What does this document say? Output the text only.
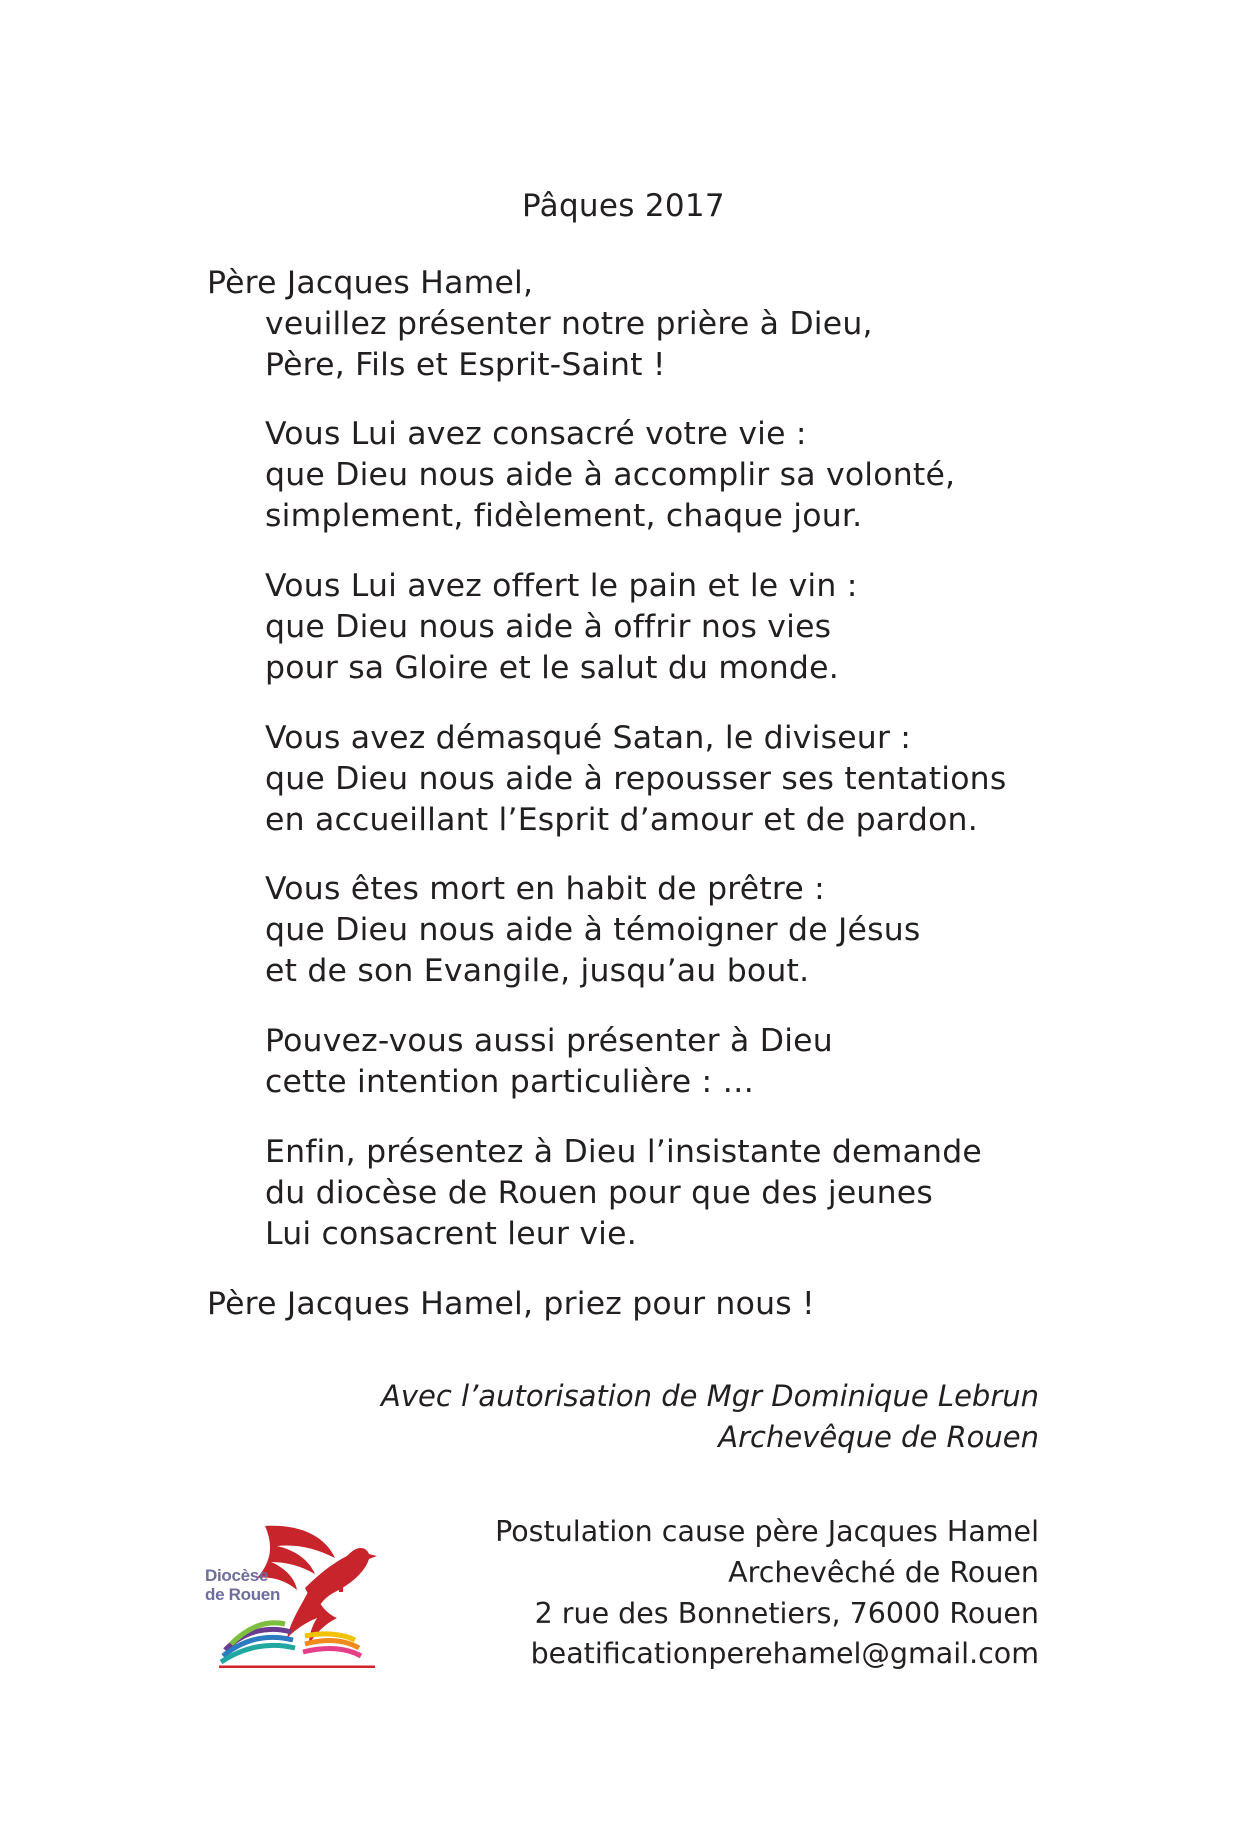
Pâques 2017
Père Jacques Hamel,
veuillez présenter notre prière à Dieu,
Père, Fils et Esprit-Saint !
Vous Lui avez consacré votre vie :
que Dieu nous aide à accomplir sa volonté,
simplement, fidèlement, chaque jour.
Vous Lui avez offert le pain et le vin :
que Dieu nous aide à offrir nos vies
pour sa Gloire et le salut du monde.
Vous avez démasqué Satan, le diviseur :
que Dieu nous aide à repousser ses tentations
en accueillant l’Esprit d’amour et de pardon.
Vous êtes mort en habit de prêtre :
que Dieu nous aide à témoigner de Jésus
et de son Evangile, jusqu’au bout.
Pouvez-vous aussi présenter à Dieu
cette intention particulière : …
Enfin, présentez à Dieu l’insistante demande
du diocèse de Rouen pour que des jeunes
Lui consacrent leur vie.
Père Jacques Hamel, priez pour nous !
Avec l’autorisation de Mgr Dominique Lebrun
Archevêque de Rouen
Diocèse
de Rouen
Postulation cause père Jacques Hamel
Archevêché de Rouen
2 rue des Bonnetiers, 76000 Rouen
beatificationperehamel@gmail.com
